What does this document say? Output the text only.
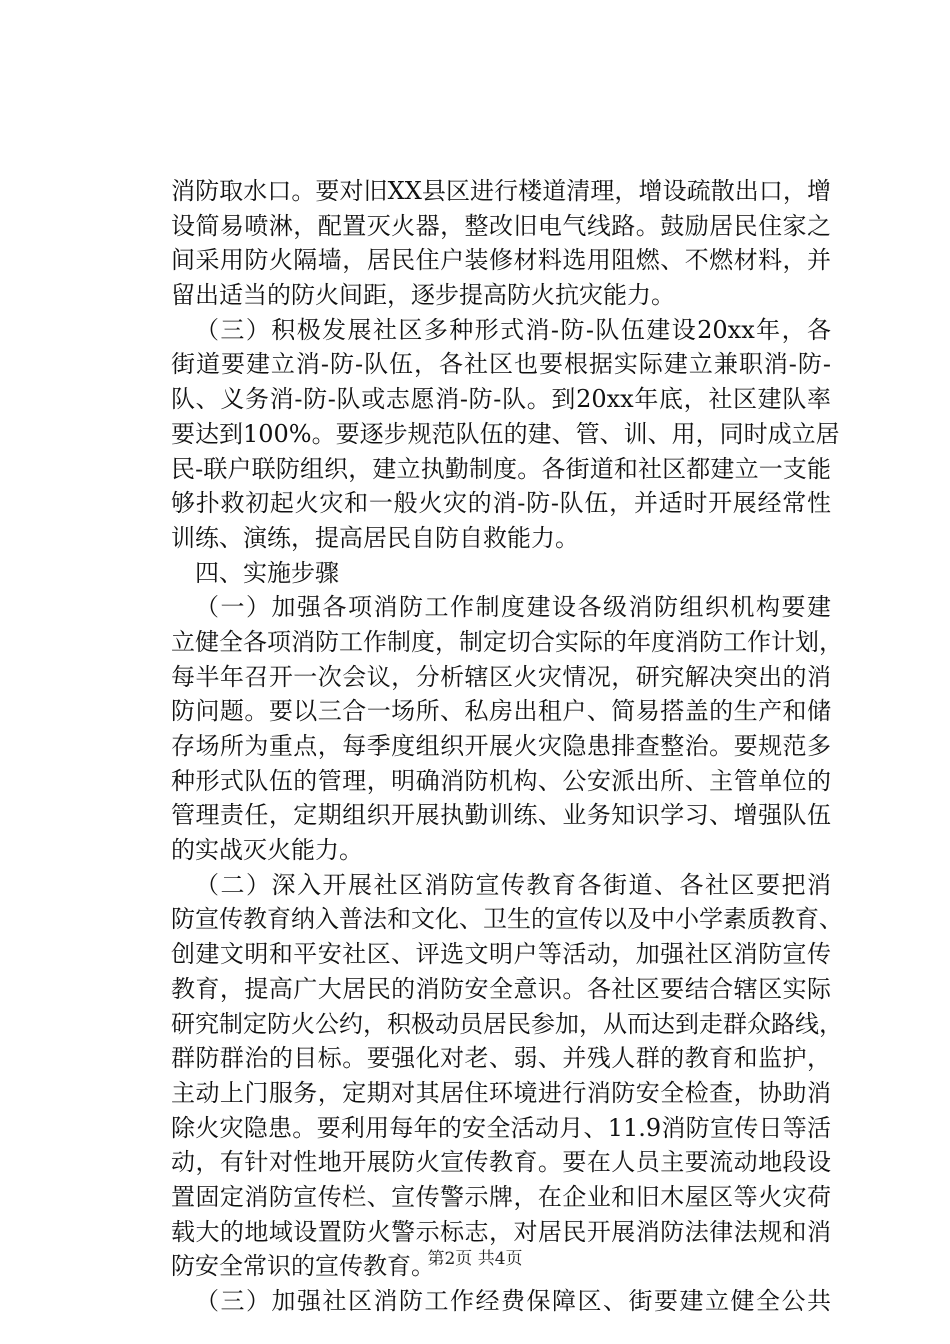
消防取水口。要对旧XX县区进行楼道清理，增设疏散出口，增
设简易喷淋，配置灭火器，整改旧电气线路。鼓励居民住家之
间采用防火隔墙，居民住户装修材料选用阻燃、不燃材料，并
留出适当的防火间距，逐步提高防火抗灾能力。
（三）积极发展社区多种形式消-防-队伍建设20xx年，各
街道要建立消-防-队伍，各社区也要根据实际建立兼职消-防-
队、义务消-防-队或志愿消-防-队。到20xx年底，社区建队率
要达到100%。要逐步规范队伍的建、管、训、用，同时成立居
民-联户联防组织，建立执勤制度。各街道和社区都建立一支能
够扑救初起火灾和一般火灾的消-防-队伍，并适时开展经常性
训练、演练，提高居民自防自救能力。
四、实施步骤
（一）加强各项消防工作制度建设各级消防组织机构要建
立健全各项消防工作制度，制定切合实际的年度消防工作计划，
每半年召开一次会议，分析辖区火灾情况，研究解决突出的消
防问题。要以三合一场所、私房出租户、简易搭盖的生产和储
存场所为重点，每季度组织开展火灾隐患排查整治。要规范多
种形式队伍的管理，明确消防机构、公安派出所、主管单位的
管理责任，定期组织开展执勤训练、业务知识学习、增强队伍
的实战灭火能力。
（二）深入开展社区消防宣传教育各街道、各社区要把消
防宣传教育纳入普法和文化、卫生的宣传以及中小学素质教育、
创建文明和平安社区、评选文明户等活动，加强社区消防宣传
教育，提高广大居民的消防安全意识。各社区要结合辖区实际
研究制定防火公约，积极动员居民参加，从而达到走群众路线，
群防群治的目标。要强化对老、弱、并残人群的教育和监护，
主动上门服务，定期对其居住环境进行消防安全检查，协助消
除火灾隐患。要利用每年的安全活动月、11.9消防宣传日等活
动，有针对性地开展防火宣传教育。要在人员主要流动地段设
置固定消防宣传栏、宣传警示牌，在企业和旧木屋区等火灾荷
载大的地域设置防火警示标志，对居民开展消防法律法规和消
防安全常识的宣传教育。
（三）加强社区消防工作经费保障区、街要建立健全公共
第2页 共4页
